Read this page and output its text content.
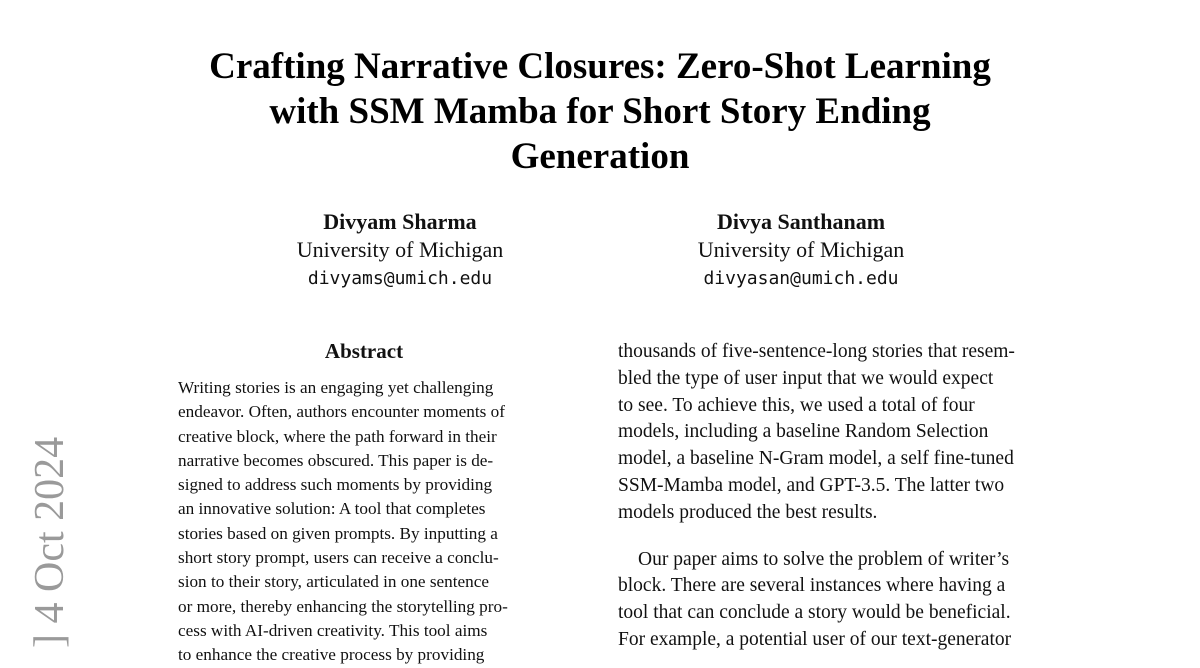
Crafting Narrative Closures: Zero-Shot Learning
with SSM Mamba for Short Story Ending
Generation
Divyam Sharma
University of Michigan
divyams@umich.edu
Divya Santhanam
University of Michigan
divyasan@umich.edu
Abstract
Writing stories is an engaging yet challenging
endeavor. Often, authors encounter moments of
creative block, where the path forward in their
narrative becomes obscured. This paper is de-
signed to address such moments by providing
an innovative solution: A tool that completes
stories based on given prompts. By inputting a
short story prompt, users can receive a conclu-
sion to their story, articulated in one sentence
or more, thereby enhancing the storytelling pro-
cess with AI-driven creativity. This tool aims
to enhance the creative process by providing
thousands of five-sentence-long stories that resem-
bled the type of user input that we would expect
to see. To achieve this, we used a total of four
models, including a baseline Random Selection
model, a baseline N-Gram model, a self fine-tuned
SSM-Mamba model, and GPT-3.5. The latter two
models produced the best results.
Our paper aims to solve the problem of writer’s
block. There are several instances where having a
tool that can conclude a story would be beneficial.
For example, a potential user of our text-generator
] 4 Oct 2024
